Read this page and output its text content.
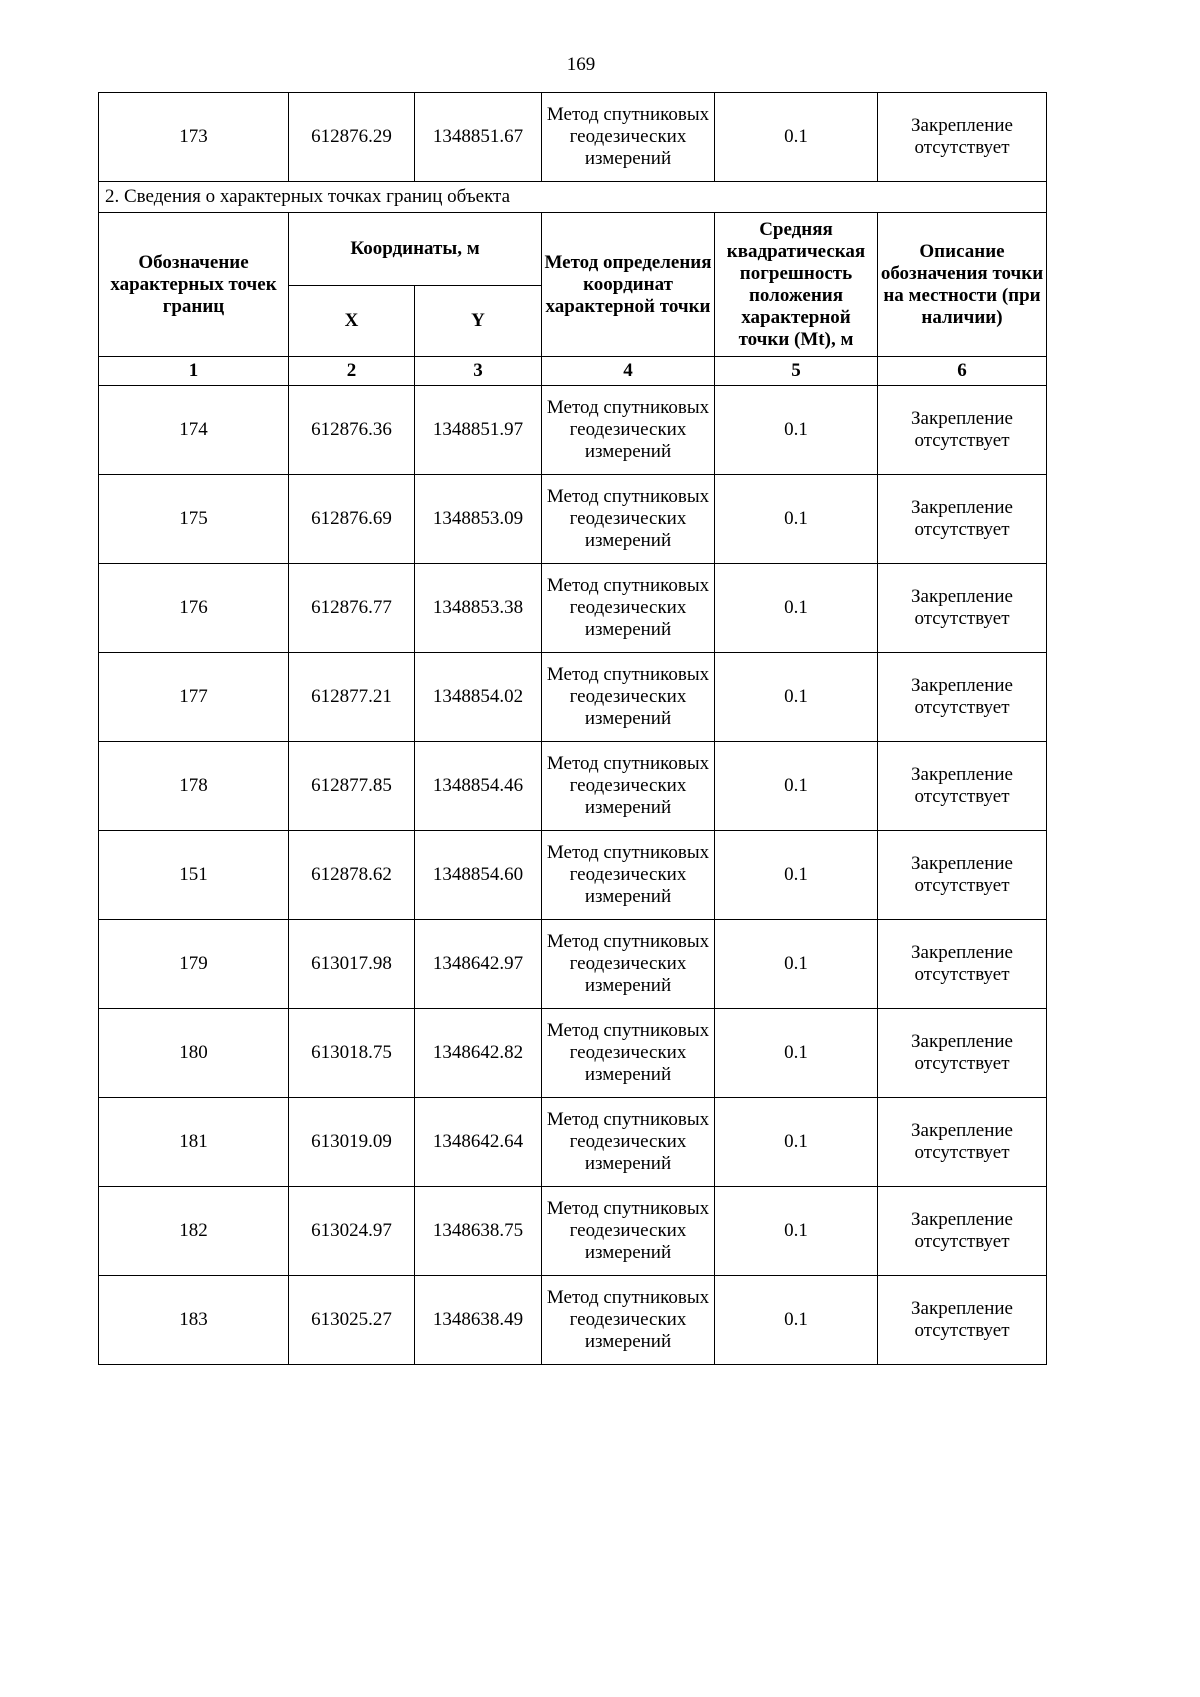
169
173	612876.29	1348851.67	Метод спутниковых геодезических измерений	0.1	Закрепление отсутствует
2. Сведения о характерных точках границ объекта					
Обозначение характерных точек границ	Координаты, м		Метод определения координат характерной точки	Средняя квадратическая погрешность положения характерной точки (Mt), м	Описание обозначения точки на местности (при наличии)
	X	Y			
1	2	3	4	5	6
174	612876.36	1348851.97	Метод спутниковых геодезических измерений	0.1	Закрепление отсутствует
175	612876.69	1348853.09	Метод спутниковых геодезических измерений	0.1	Закрепление отсутствует
176	612876.77	1348853.38	Метод спутниковых геодезических измерений	0.1	Закрепление отсутствует
177	612877.21	1348854.02	Метод спутниковых геодезических измерений	0.1	Закрепление отсутствует
178	612877.85	1348854.46	Метод спутниковых геодезических измерений	0.1	Закрепление отсутствует
151	612878.62	1348854.60	Метод спутниковых геодезических измерений	0.1	Закрепление отсутствует
179	613017.98	1348642.97	Метод спутниковых геодезических измерений	0.1	Закрепление отсутствует
180	613018.75	1348642.82	Метод спутниковых геодезических измерений	0.1	Закрепление отсутствует
181	613019.09	1348642.64	Метод спутниковых геодезических измерений	0.1	Закрепление отсутствует
182	613024.97	1348638.75	Метод спутниковых геодезических измерений	0.1	Закрепление отсутствует
183	613025.27	1348638.49	Метод спутниковых геодезических измерений	0.1	Закрепление отсутствует
